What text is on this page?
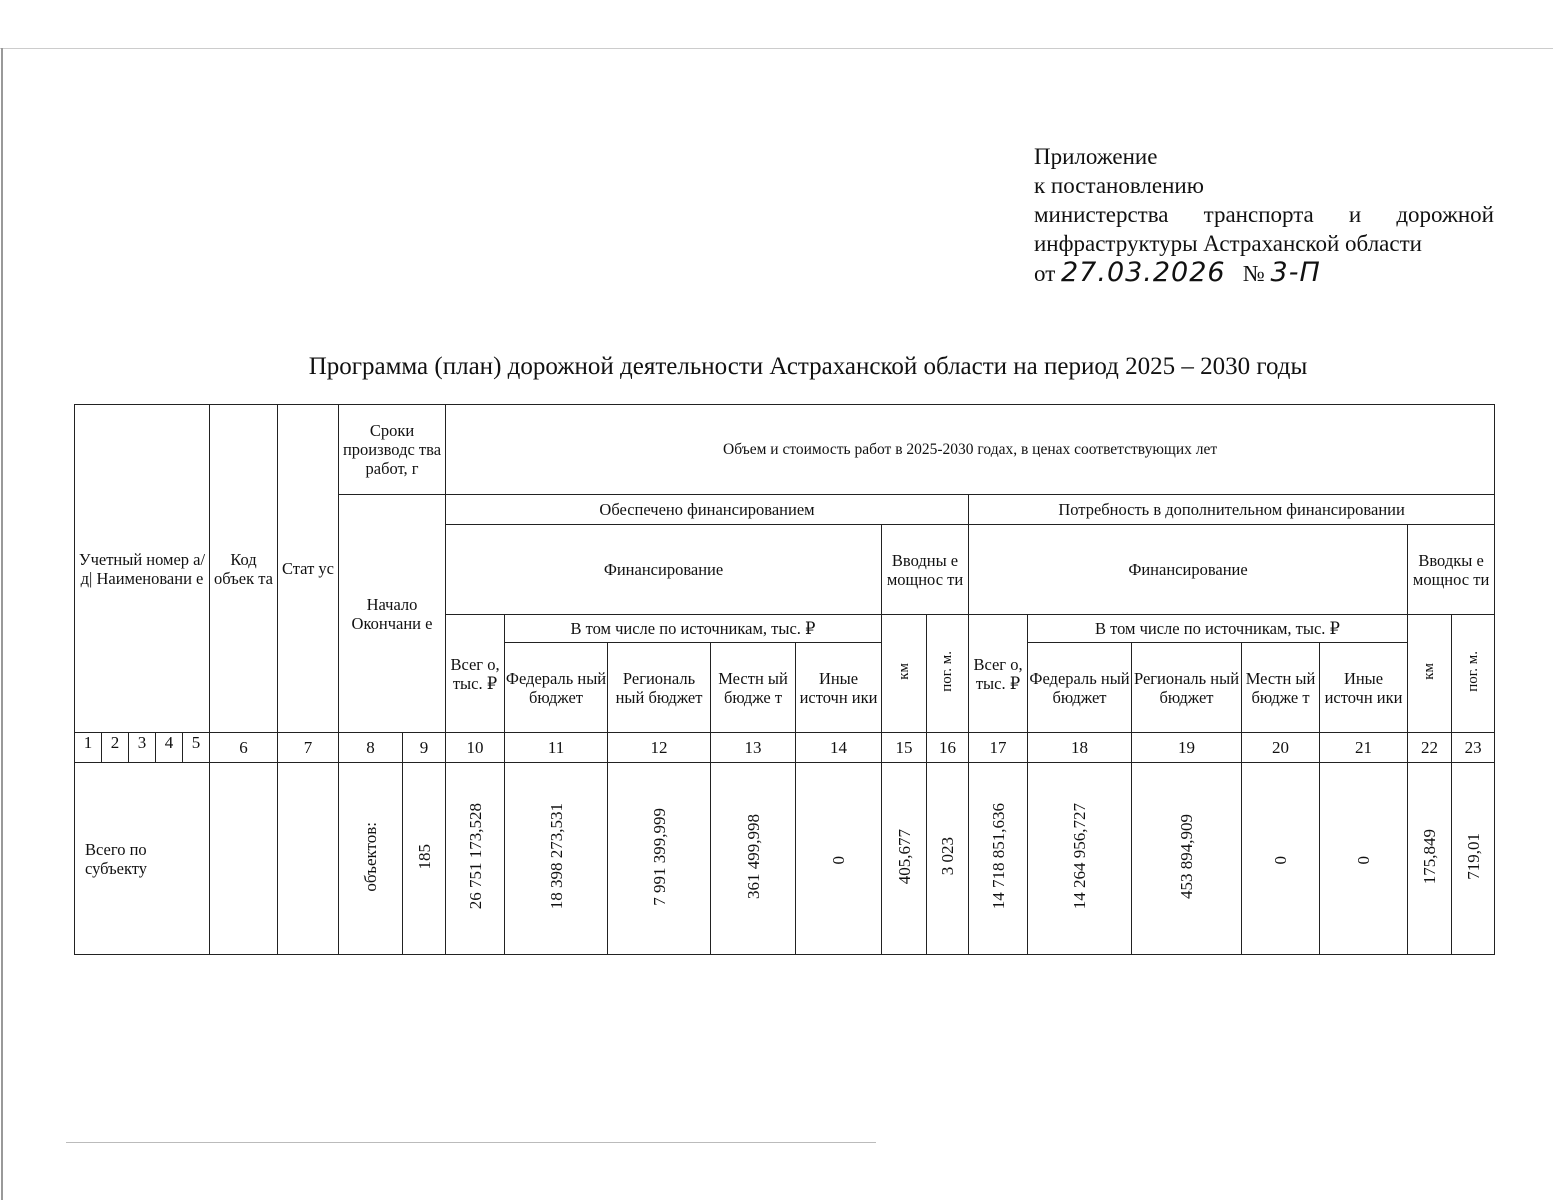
Приложение
к постановлению
министерства транспорта и дорожной
инфраструктуры Астраханской области
от 27.03.2026 № 3-П
Программа (план) дорожной деятельности Астраханской области на период 2025 – 2030 годы
Учетный номер а/д| Наименовани е	Код объек та	Стат ус	Сроки производс тва работ, г		Объем и стоимость работ в 2025-2030 годах, в ценах соответствующих лет													
			Начало Окончани е		Обеспечено финансированием							Потребность в дополнительном финансировании						
					Финансирование					Вводны е мощнос ти		Финансирование					Вводкы е мощнос ти	
					Всег о, тыс. ₽	В том числе по источникам, тыс. ₽				км	пог. м.	Всег о, тыс. ₽	В том числе по источникам, тыс. ₽				км	пог. м.
						Федераль ный бюджет	Региональ ный бюджет	Местн ый бюдже т	Иные источн ики				Федераль ный бюджет	Региональ ный бюджет	Местн ый бюдже т	Иные источн ики		

1 2 3 4 5	6	7	8	9	10	11	12	13	14	15	16	17	18	19	20	21	22	23
Всего по субъекту			объектов:	185	26 751 173,528	18 398 273,531	7 991 399,999	361 499,998	0	405,677	3 023	14 718 851,636	14 264 956,727	453 894,909	0	0	175,849	719,01
